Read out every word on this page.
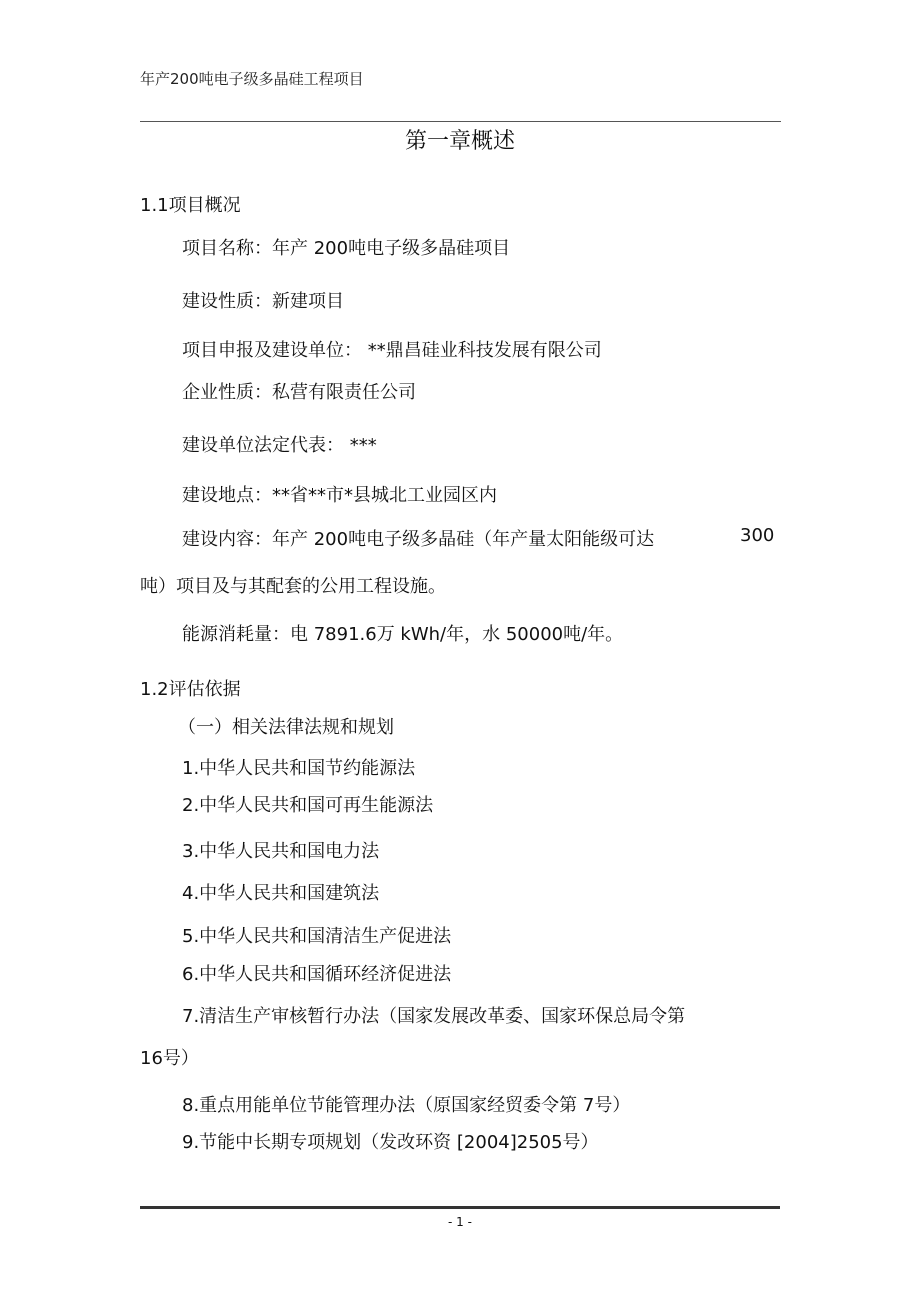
年产200吨电子级多晶硅工程项目
第一章概述
1.1项目概况
项目名称：年产 200吨电子级多晶硅项目
建设性质：新建项目
项目申报及建设单位： **鼎昌硅业科技发展有限公司
企业性质：私营有限责任公司
建设单位法定代表： ***
建设地点：**省**市*县城北工业园区内
建设内容：年产 200吨电子级多晶硅（年产量太阳能级可达	300
吨）项目及与其配套的公用工程设施。
能源消耗量：电 7891.6万 kWh/年，水 50000吨/年。
1.2评估依据
（一）相关法律法规和规划
1.中华人民共和国节约能源法
2.中华人民共和国可再生能源法
3.中华人民共和国电力法
4.中华人民共和国建筑法
5.中华人民共和国清洁生产促进法
6.中华人民共和国循环经济促进法
7.清洁生产审核暂行办法（国家发展改革委、国家环保总局令第
16号）
8.重点用能单位节能管理办法（原国家经贸委令第 7号）
9.节能中长期专项规划（发改环资 [2004]2505号）
- 1 -
